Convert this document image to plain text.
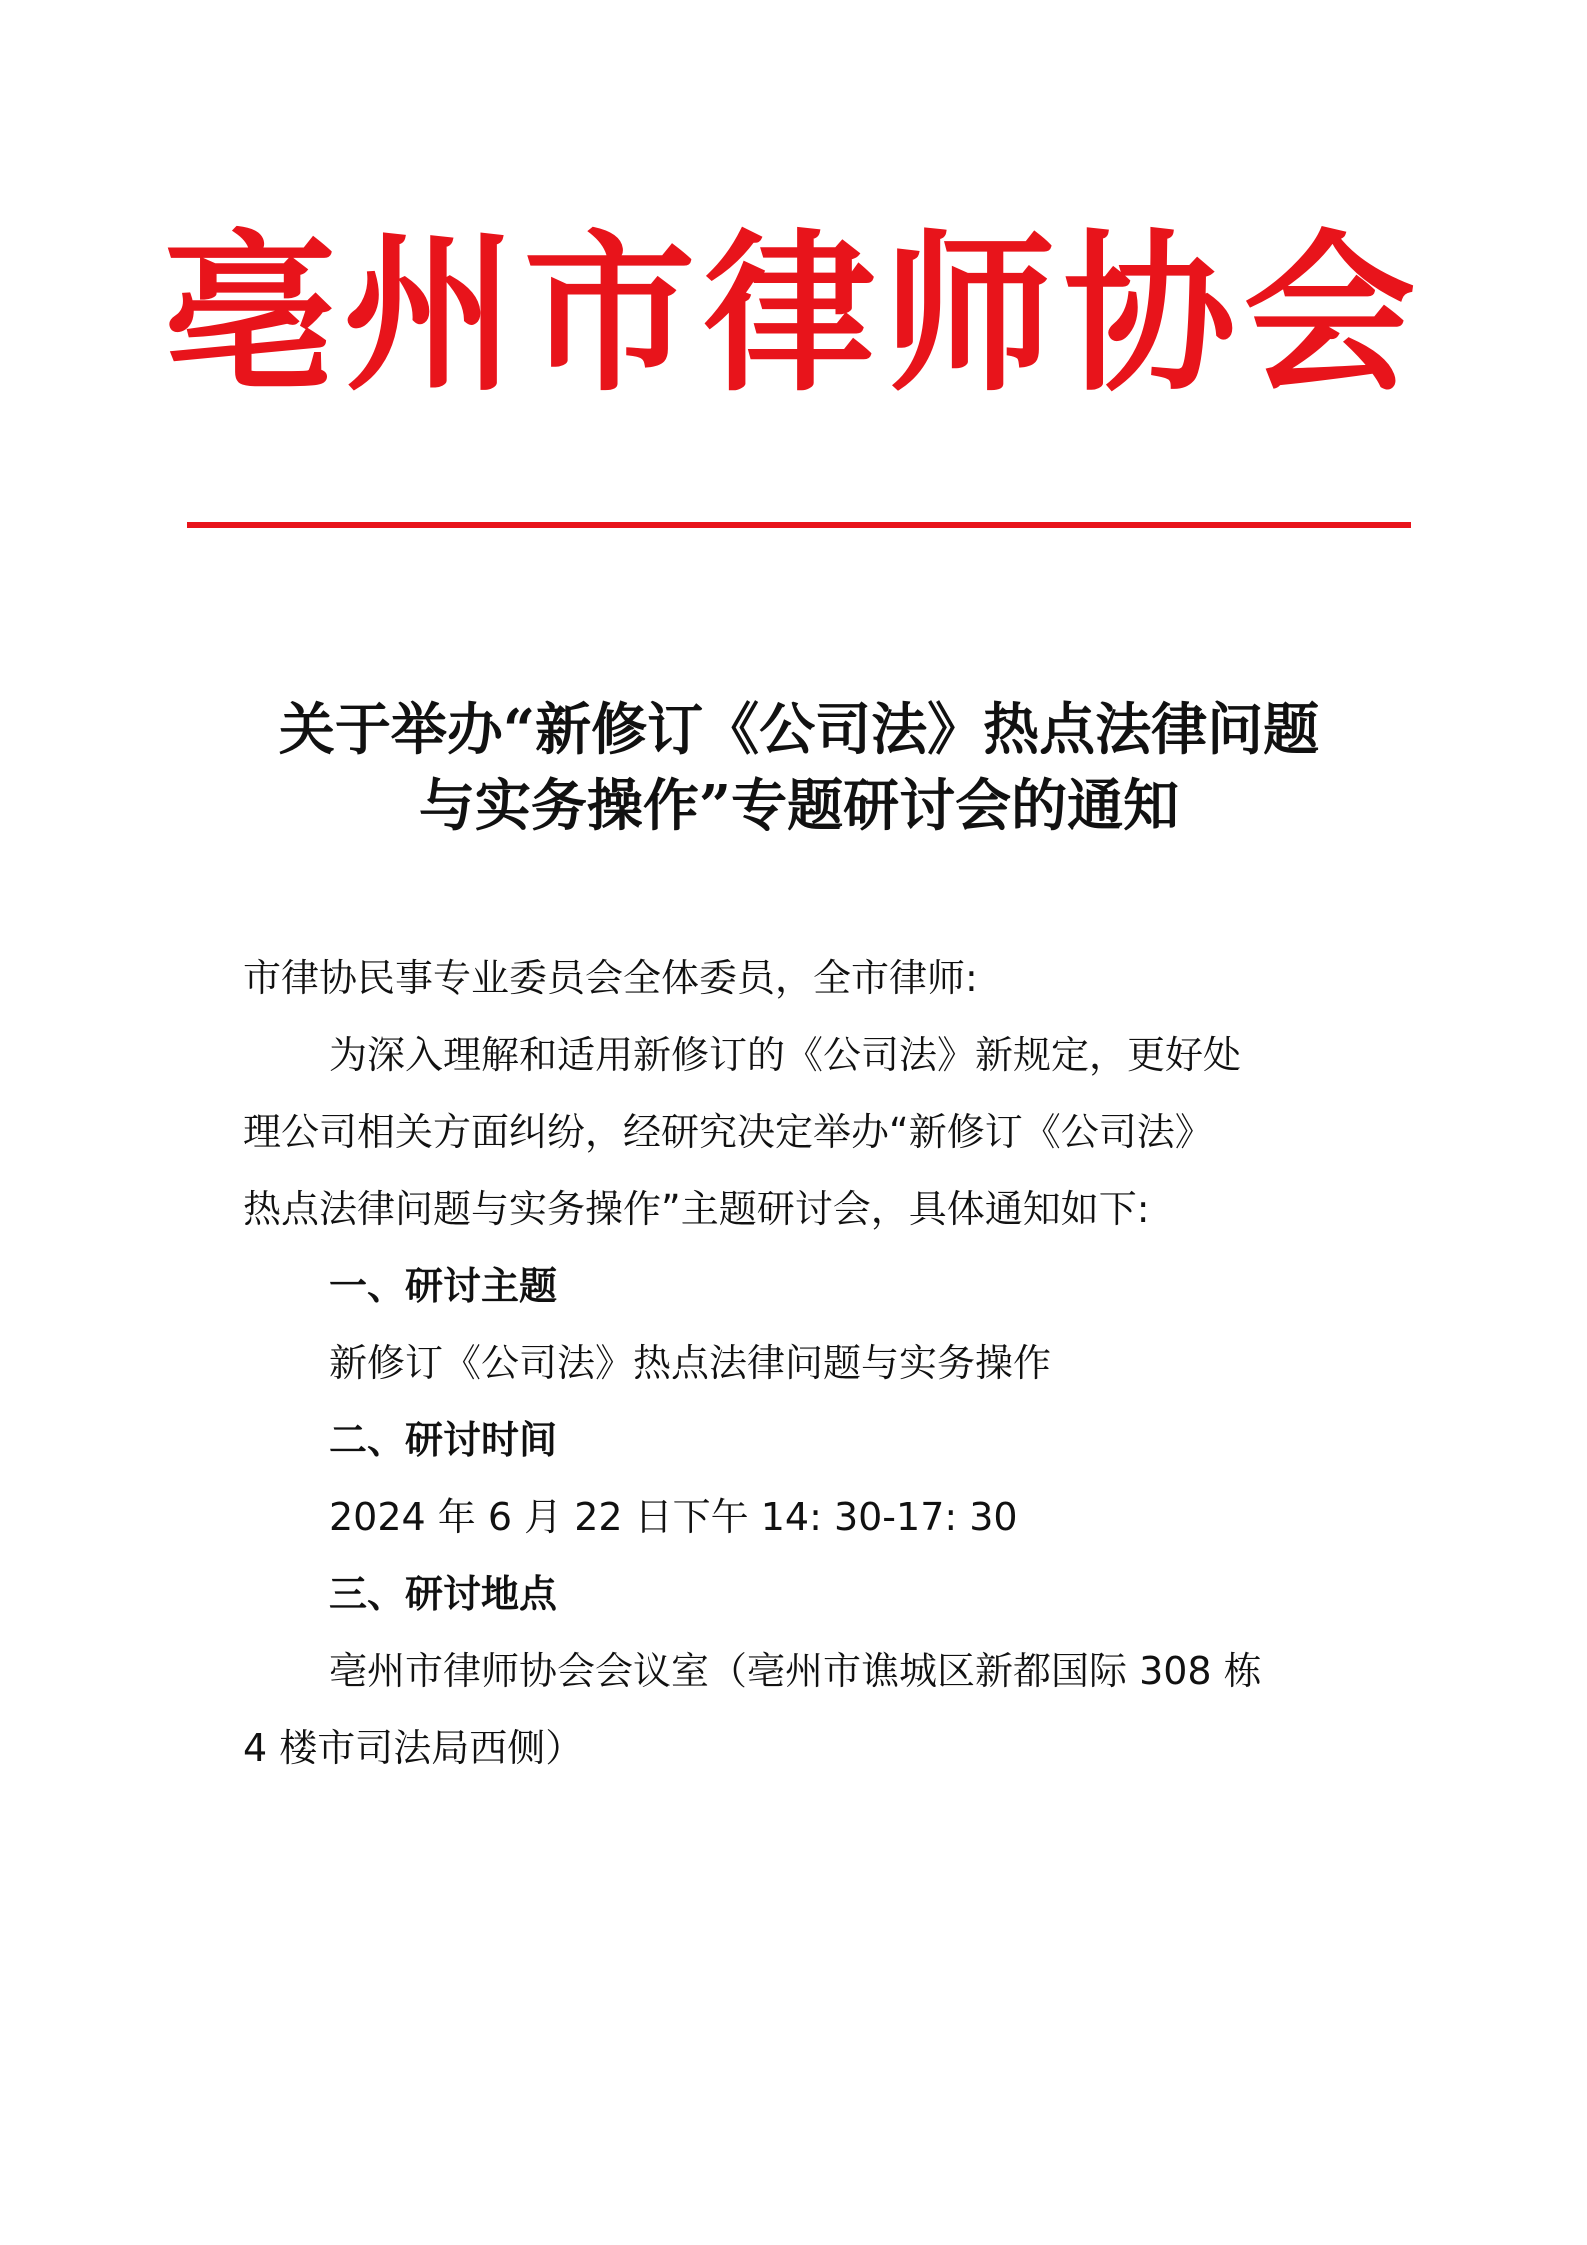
亳州市律师协会
关于举办“新修订《公司法》热点法律问题
与实务操作”专题研讨会的通知
市律协民事专业委员会全体委员，全市律师:
为深入理解和适用新修订的《公司法》新规定，更好处
理公司相关方面纠纷，经研究决定举办“新修订《公司法》
热点法律问题与实务操作”主题研讨会，具体通知如下:
一、研讨主题
新修订《公司法》热点法律问题与实务操作
二、研讨时间
2024 年 6 月 22 日下午 14: 30-17: 30
三、研讨地点
亳州市律师协会会议室（亳州市谯城区新都国际 308 栋
4 楼市司法局西侧）
